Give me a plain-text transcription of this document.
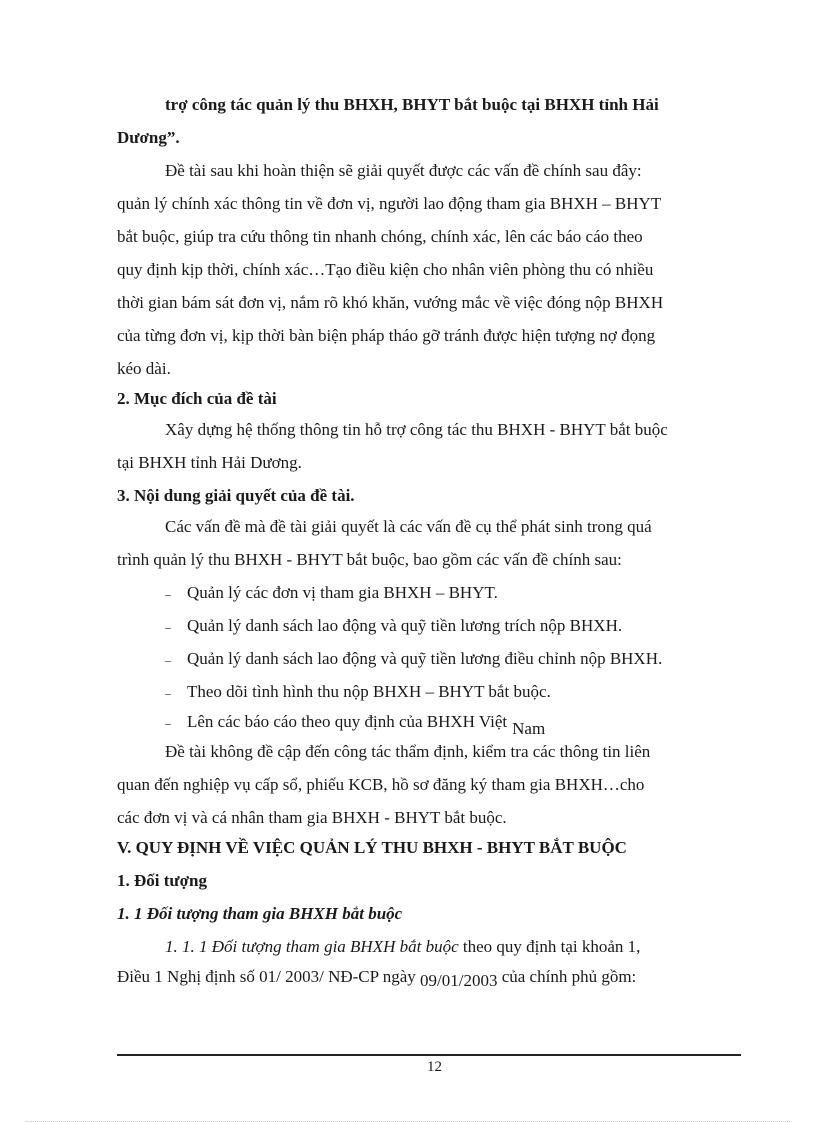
trợ công tác quản lý thu BHXH, BHYT bắt buộc tại BHXH tỉnh Hải
Dương”.
Đề tài sau khi hoàn thiện sẽ giải quyết được các vấn đề chính sau đây:
quản lý chính xác thông tin về đơn vị, người lao động tham gia BHXH – BHYT
bắt buộc, giúp tra cứu thông tin nhanh chóng, chính xác, lên các báo cáo theo
quy định kịp thời, chính xác…Tạo điều kiện cho nhân viên phòng thu có nhiều
thời gian bám sát đơn vị, nắm rõ khó khăn, vướng mắc về việc đóng nộp BHXH
của từng đơn vị, kịp thời bàn biện pháp tháo gỡ tránh được hiện tượng nợ đọng
kéo dài.
2. Mục đích của đề tài
Xây dựng hệ thống thông tin hỗ trợ công tác thu BHXH - BHYT bắt buộc
tại BHXH tỉnh Hải Dương.
3. Nội dung giải quyết của đề tài.
Các vấn đề mà đề tài giải quyết là các vấn đề cụ thể phát sinh trong quá
trình quản lý thu BHXH - BHYT bắt buộc, bao gồm các vấn đề chính sau:
– Quản lý các đơn vị tham gia BHXH – BHYT.
– Quản lý danh sách lao động và quỹ tiền lương trích nộp BHXH.
– Quản lý danh sách lao động và quỹ tiền lương điều chỉnh nộp BHXH.
– Theo dõi tình hình thu nộp BHXH – BHYT bắt buộc.
– Lên các báo cáo theo quy định của BHXH Việt Nam
Đề tài không đề cập đến công tác thẩm định, kiểm tra các thông tin liên
quan đến nghiệp vụ cấp sổ, phiếu KCB, hồ sơ đăng ký tham gia BHXH…cho
các đơn vị và cá nhân tham gia BHXH - BHYT bắt buộc.
V. QUY ĐỊNH VỀ VIỆC QUẢN LÝ THU BHXH - BHYT BẮT BUỘC
1. Đối tượng
1. 1 Đối tượng tham gia BHXH bắt buộc
1. 1. 1 Đối tượng tham gia BHXH bắt buộc theo quy định tại khoản 1,
Điều 1 Nghị định số 01/ 2003/ NĐ-CP ngày 09/01/2003 của chính phủ gồm:
12
